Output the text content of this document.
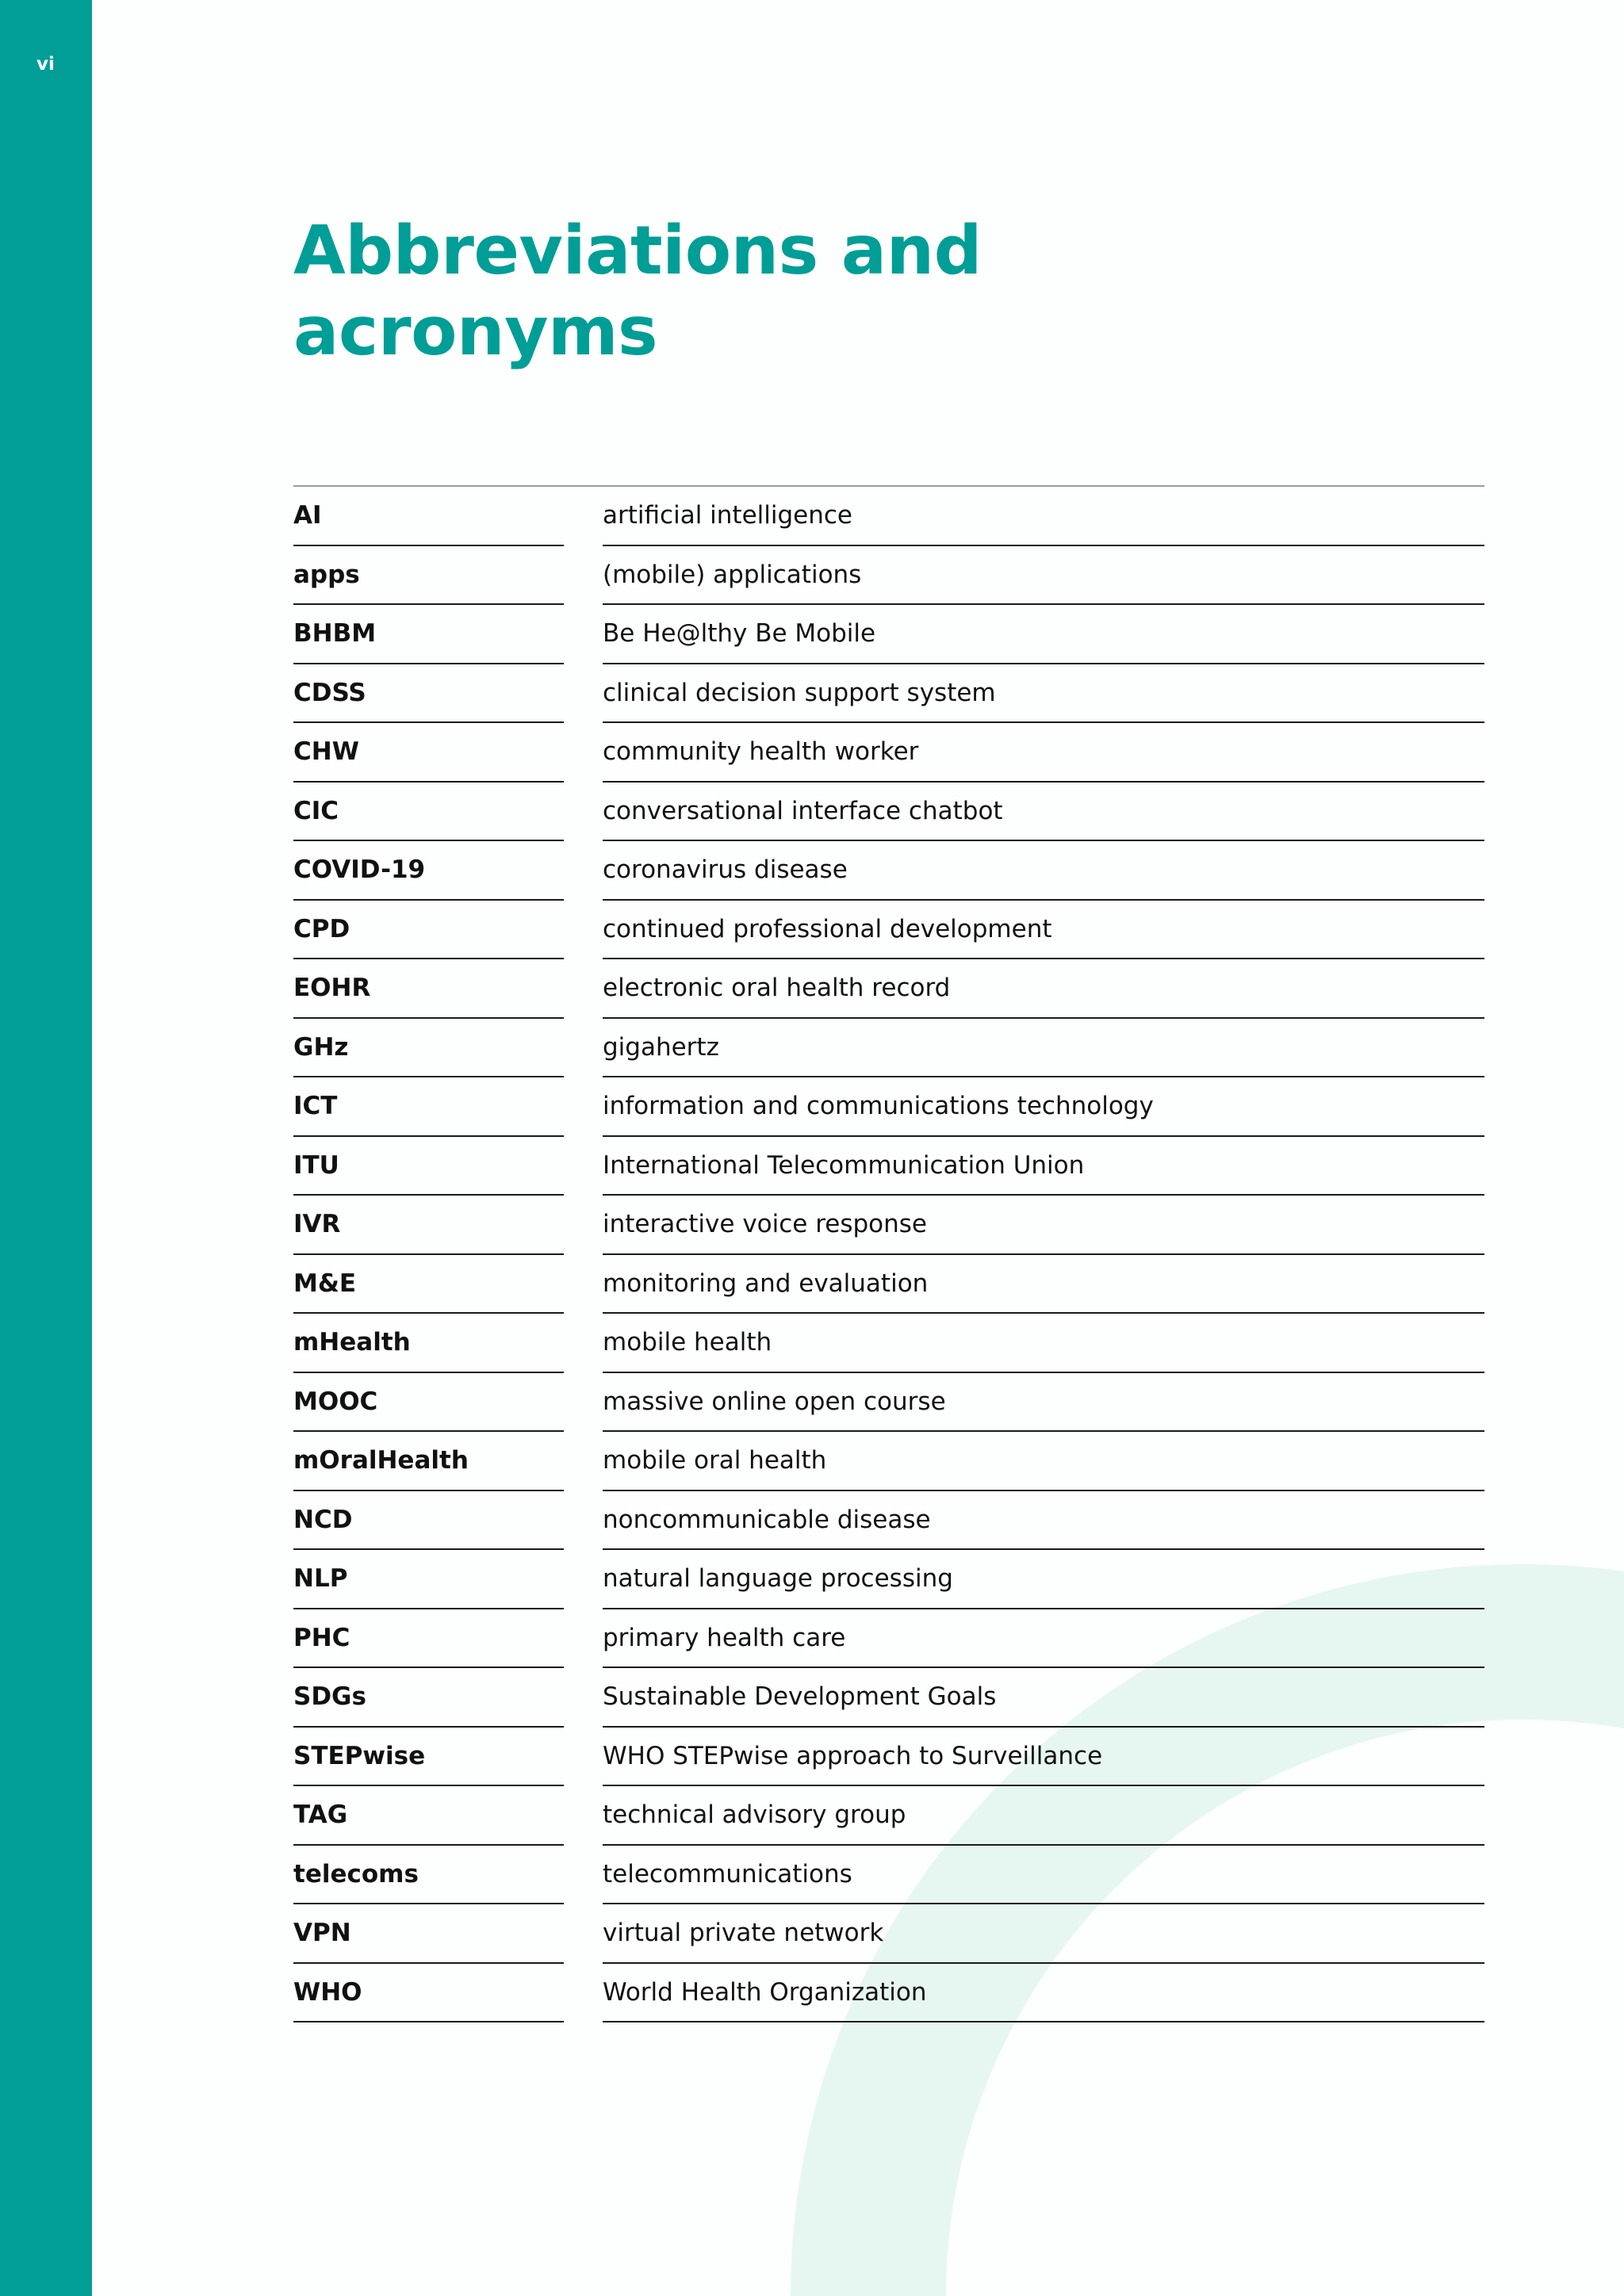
vi
Abbreviations and
acronyms
AI	artificial intelligence
apps	(mobile) applications
BHBM	Be He@lthy Be Mobile
CDSS	clinical decision support system
CHW	community health worker
CIC	conversational interface chatbot
COVID-19	coronavirus disease
CPD	continued professional development
EOHR	electronic oral health record
GHz	gigahertz
ICT	information and communications technology
ITU	International Telecommunication Union
IVR	interactive voice response
M&E	monitoring and evaluation
mHealth	mobile health
MOOC	massive online open course
mOralHealth	mobile oral health
NCD	noncommunicable disease
NLP	natural language processing
PHC	primary health care
SDGs	Sustainable Development Goals
STEPwise	WHO STEPwise approach to Surveillance
TAG	technical advisory group
telecoms	telecommunications
VPN	virtual private network
WHO	World Health Organization
